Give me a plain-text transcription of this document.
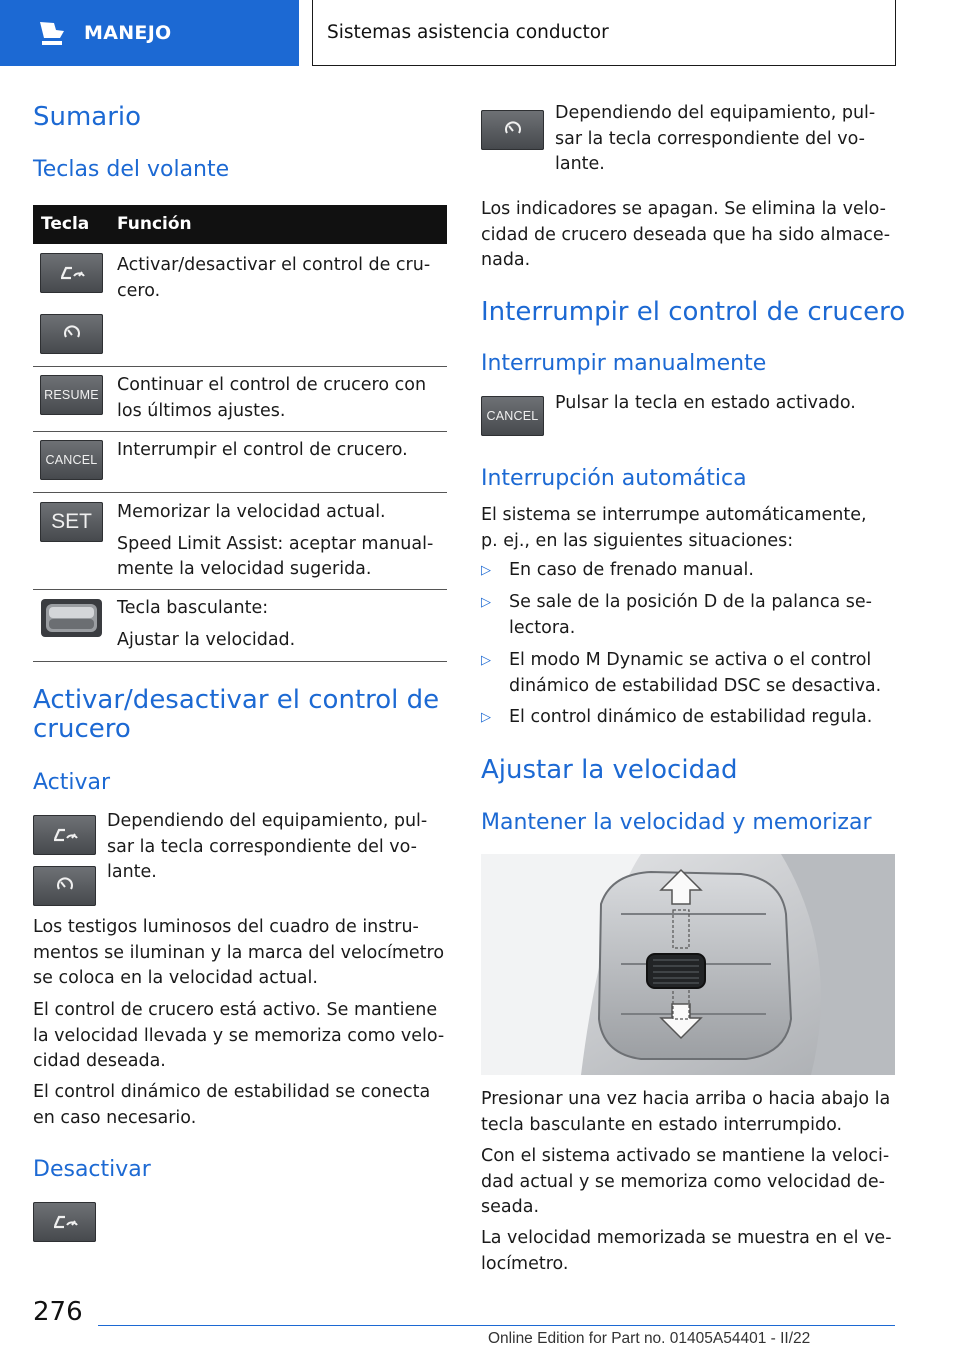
MANEJO	Sistemas asistencia conductor
Sumario
Teclas del volante
Tecla Función
Activar/desactivar el control de cru-
cero.
RESUME Continuar el control de crucero con
los últimos ajustes.
CANCEL Interrumpir el control de crucero.
SET Memorizar la velocidad actual.
Speed Limit Assist: aceptar manual-
mente la velocidad sugerida.
Tecla basculante:
Ajustar la velocidad.
Activar/desactivar el control de
crucero
Activar
Dependiendo del equipamiento, pul-
sar la tecla correspondiente del vo-
lante.
Los testigos luminosos del cuadro de instru-
mentos se iluminan y la marca del velocímetro
se coloca en la velocidad actual.
El control de crucero está activo. Se mantiene
la velocidad llevada y se memoriza como velo-
cidad deseada.
El control dinámico de estabilidad se conecta
en caso necesario.
Desactivar
Dependiendo del equipamiento, pul-
sar la tecla correspondiente del vo-
lante.
Los indicadores se apagan. Se elimina la velo-
cidad de crucero deseada que ha sido almace-
nada.
Interrumpir el control de crucero
Interrumpir manualmente
CANCEL
Pulsar la tecla en estado activado.
Interrupción automática
El sistema se interrumpe automáticamente,
p. ej., en las siguientes situaciones:
▷ En caso de frenado manual.
▷ Se sale de la posición D de la palanca se-
lectora.
▷ El modo M Dynamic se activa o el control
dinámico de estabilidad DSC se desactiva.
▷ El control dinámico de estabilidad regula.
Ajustar la velocidad
Mantener la velocidad y memorizar
Presionar una vez hacia arriba o hacia abajo la
tecla basculante en estado interrumpido.
Con el sistema activado se mantiene la veloci-
dad actual y se memoriza como velocidad de-
seada.
La velocidad memorizada se muestra en el ve-
locímetro.
276
Online Edition for Part no. 01405A54401 - II/22
